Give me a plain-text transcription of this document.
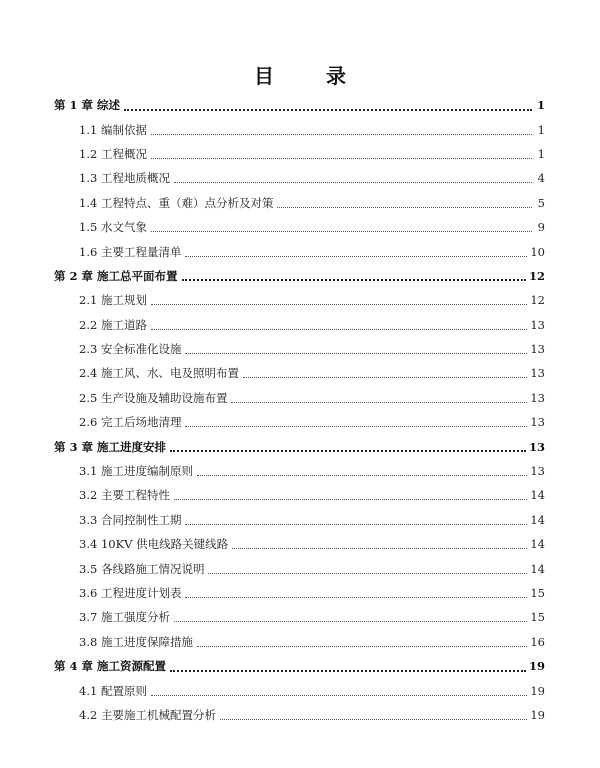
目	录
第 1 章 综述	1
1.1 编制依据	1
1.2 工程概况	1
1.3 工程地质概况	4
1.4 工程特点、重（难）点分析及对策	5
1.5 水文气象	9
1.6 主要工程量清单	10
第 2 章 施工总平面布置	12
2.1 施工规划	12
2.2 施工道路	13
2.3 安全标准化设施	13
2.4 施工风、水、电及照明布置	13
2.5 生产设施及辅助设施布置	13
2.6 完工后场地清理	13
第 3 章 施工进度安排	13
3.1 施工进度编制原则	13
3.2 主要工程特性	14
3.3 合同控制性工期	14
3.4 10KV 供电线路关键线路	14
3.5 各线路施工情况说明	14
3.6 工程进度计划表	15
3.7 施工强度分析	15
3.8 施工进度保障措施	16
第 4 章 施工资源配置	19
4.1 配置原则	19
4.2 主要施工机械配置分析	19
